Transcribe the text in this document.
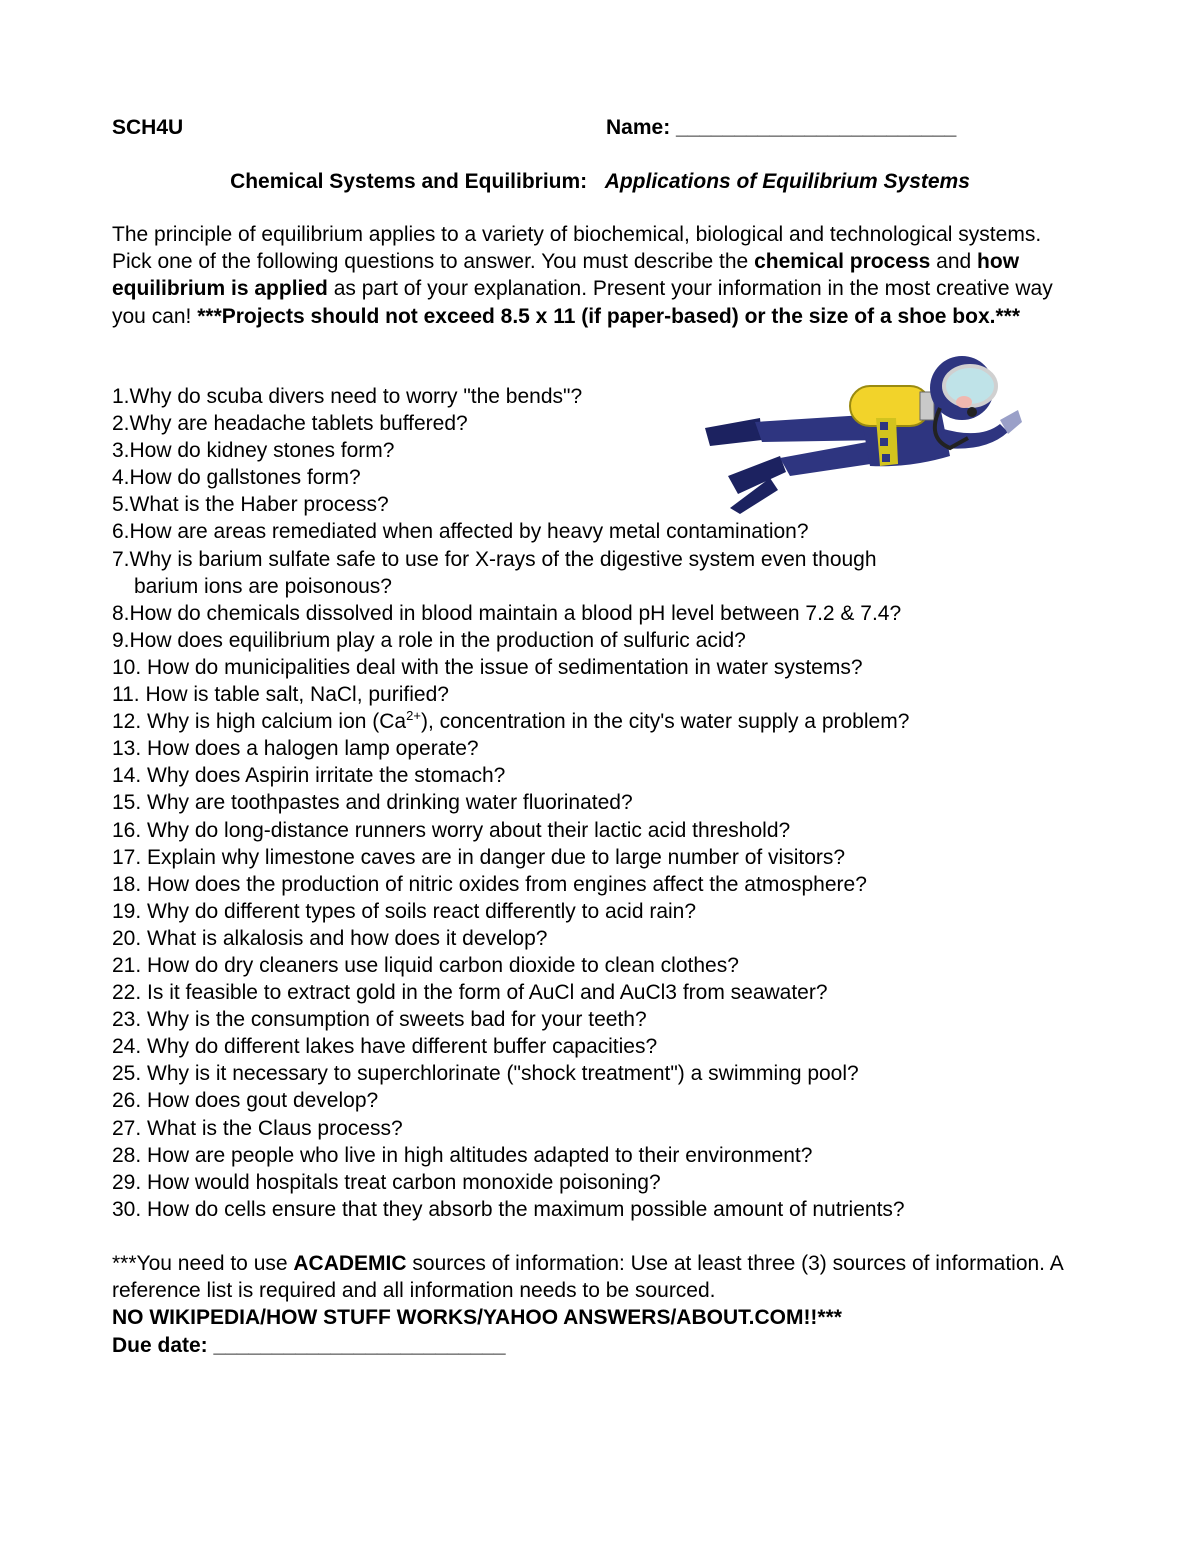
SCH4U	Name: ________________________
Chemical Systems and Equilibrium: Applications of Equilibrium Systems
The principle of equilibrium applies to a variety of biochemical, biological and technological systems. Pick one of the following questions to answer. You must describe the chemical process and how equilibrium is applied as part of your explanation. Present your information in the most creative way you can! ***Projects should not exceed 8.5 x 11 (if paper-based) or the size of a shoe box.***
1.Why do scuba divers need to worry "the bends"?
2.Why are headache tablets buffered?
3.How do kidney stones form?
4.How do gallstones form?
5.What is the Haber process?
6.How are areas remediated when affected by heavy metal contamination?
7.Why is barium sulfate safe to use for X-rays of the digestive system even though
barium ions are poisonous?
8.How do chemicals dissolved in blood maintain a blood pH level between 7.2 & 7.4?
9.How does equilibrium play a role in the production of sulfuric acid?
10. How do municipalities deal with the issue of sedimentation in water systems?
11. How is table salt, NaCl, purified?
12. Why is high calcium ion $(Ca^{2+})$, concentration in the city's water supply a problem?
13. How does a halogen lamp operate?
14. Why does Aspirin irritate the stomach?
15. Why are toothpastes and drinking water fluorinated?
16. Why do long-distance runners worry about their lactic acid threshold?
17. Explain why limestone caves are in danger due to large number of visitors?
18. How does the production of nitric oxides from engines affect the atmosphere?
19. Why do different types of soils react differently to acid rain?
20. What is alkalosis and how does it develop?
21. How do dry cleaners use liquid carbon dioxide to clean clothes?
22. Is it feasible to extract gold in the form of AuCl and AuCl3 from seawater?
23. Why is the consumption of sweets bad for your teeth?
24. Why do different lakes have different buffer capacities?
25. Why is it necessary to superchlorinate ("shock treatment") a swimming pool?
26. How does gout develop?
27. What is the Claus process?
28. How are people who live in high altitudes adapted to their environment?
29. How would hospitals treat carbon monoxide poisoning?
30. How do cells ensure that they absorb the maximum possible amount of nutrients?
***You need to use ACADEMIC sources of information: Use at least three (3) sources of information. A reference list is required and all information needs to be sourced.
NO WIKIPEDIA/HOW STUFF WORKS/YAHOO ANSWERS/ABOUT.COM!!***
Due date: _________________________
